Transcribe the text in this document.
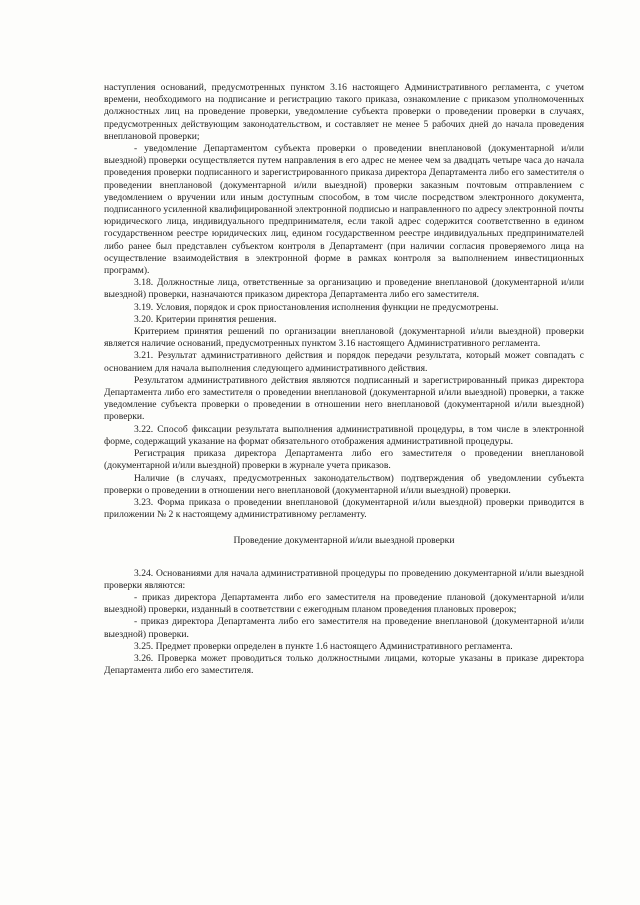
наступления оснований, предусмотренных пунктом 3.16 настоящего Административного регламента, с учетом времени, необходимого на подписание и регистрацию такого приказа, ознакомление с приказом уполномоченных должностных лиц на проведение проверки, уведомление субъекта проверки о проведении проверки в случаях, предусмотренных действующим законодательством, и составляет не менее 5 рабочих дней до начала проведения внеплановой проверки;

- уведомление Департаментом субъекта проверки о проведении внеплановой (документарной и/или выездной) проверки осуществляется путем направления в его адрес не менее чем за двадцать четыре часа до начала проведения проверки подписанного и зарегистрированного приказа директора Департамента либо его заместителя о проведении внеплановой (документарной и/или выездной) проверки заказным почтовым отправлением с уведомлением о вручении или иным доступным способом, в том числе посредством электронного документа, подписанного усиленной квалифицированной электронной подписью и направленного по адресу электронной почты юридического лица, индивидуального предпринимателя, если такой адрес содержится соответственно в едином государственном реестре юридических лиц, едином государственном реестре индивидуальных предпринимателей либо ранее был представлен субъектом контроля в Департамент (при наличии согласия проверяемого лица на осуществление взаимодействия в электронной форме в рамках контроля за выполнением инвестиционных программ).

3.18. Должностные лица, ответственные за организацию и проведение внеплановой (документарной и/или выездной) проверки, назначаются приказом директора Департамента либо его заместителя.

3.19. Условия, порядок и срок приостановления исполнения функции не предусмотрены.

3.20. Критерии принятия решения.

Критерием принятия решений по организации внеплановой (документарной и/или выездной) проверки является наличие оснований, предусмотренных пунктом 3.16 настоящего Административного регламента.

3.21. Результат административного действия и порядок передачи результата, который может совпадать с основанием для начала выполнения следующего административного действия.

Результатом административного действия являются подписанный и зарегистрированный приказ директора Департамента либо его заместителя о проведении внеплановой (документарной и/или выездной) проверки, а также уведомление субъекта проверки о проведении в отношении него внеплановой (документарной и/или выездной) проверки.

3.22. Способ фиксации результата выполнения административной процедуры, в том числе в электронной форме, содержащий указание на формат обязательного отображения административной процедуры.

Регистрация приказа директора Департамента либо его заместителя о проведении внеплановой (документарной и/или выездной) проверки в журнале учета приказов.

Наличие (в случаях, предусмотренных законодательством) подтверждения об уведомлении субъекта проверки о проведении в отношении него внеплановой (документарной и/или выездной) проверки.

3.23. Форма приказа о проведении внеплановой (документарной и/или выездной) проверки приводится в приложении № 2 к настоящему административному регламенту.

Проведение документарной и/или выездной проверки

3.24. Основаниями для начала административной процедуры по проведению документарной и/или выездной проверки являются:

- приказ директора Департамента либо его заместителя на проведение плановой (документарной и/или выездной) проверки, изданный в соответствии с ежегодным планом проведения плановых проверок;

- приказ директора Департамента либо его заместителя на проведение внеплановой (документарной и/или выездной) проверки.

3.25. Предмет проверки определен в пункте 1.6 настоящего Административного регламента.

3.26. Проверка может проводиться только должностными лицами, которые указаны в приказе директора Департамента либо его заместителя.
